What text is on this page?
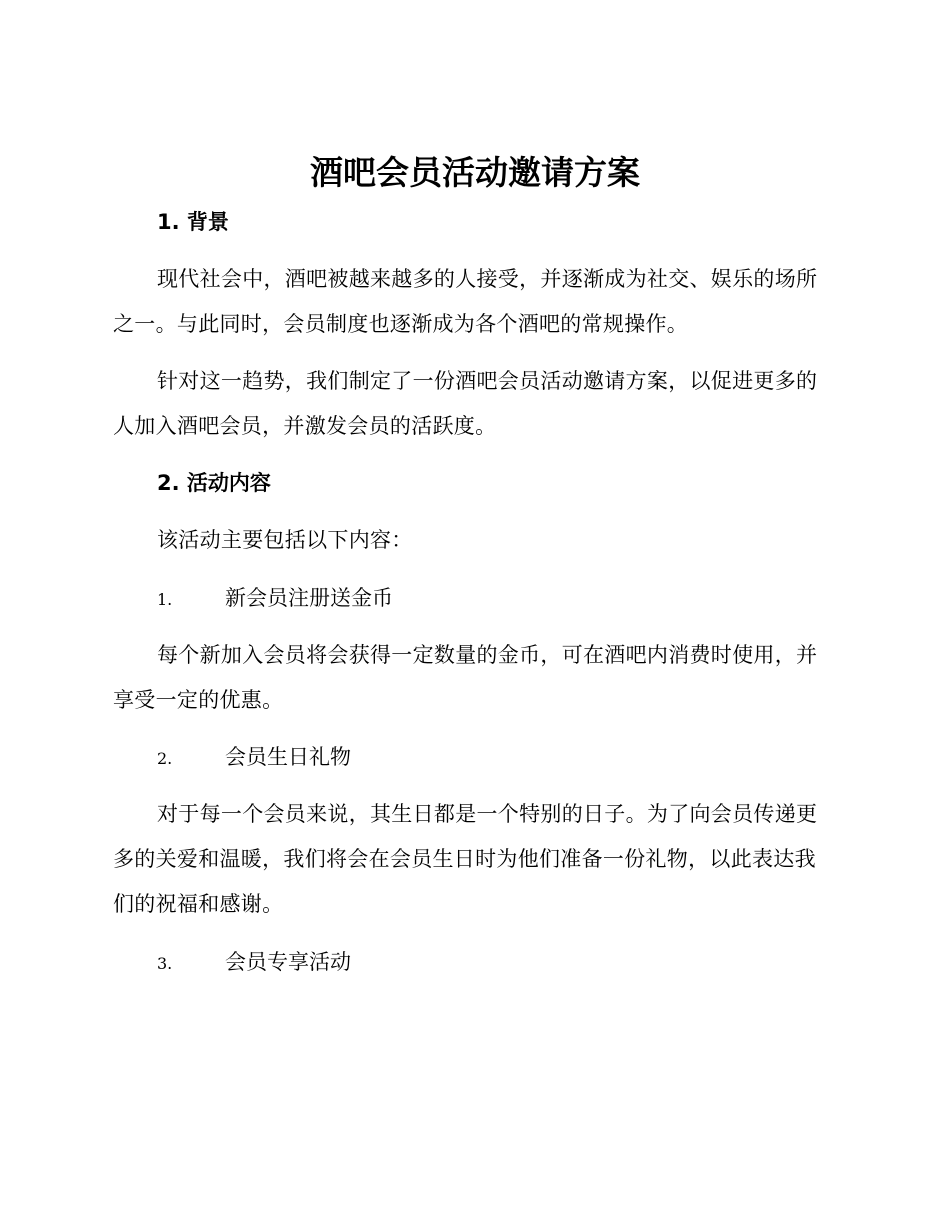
酒吧会员活动邀请方案
1. 背景

现代社会中，酒吧被越来越多的人接受，并逐渐成为社交、娱乐的场所之一。与此同时，会员制度也逐渐成为各个酒吧的常规操作。

针对这一趋势，我们制定了一份酒吧会员活动邀请方案，以促进更多的人加入酒吧会员，并激发会员的活跃度。

2. 活动内容

该活动主要包括以下内容：

1.	新会员注册送金币

每个新加入会员将会获得一定数量的金币，可在酒吧内消费时使用，并享受一定的优惠。

2.	会员生日礼物

对于每一个会员来说，其生日都是一个特别的日子。为了向会员传递更多的关爱和温暖，我们将会在会员生日时为他们准备一份礼物，以此表达我们的祝福和感谢。

3.	会员专享活动
